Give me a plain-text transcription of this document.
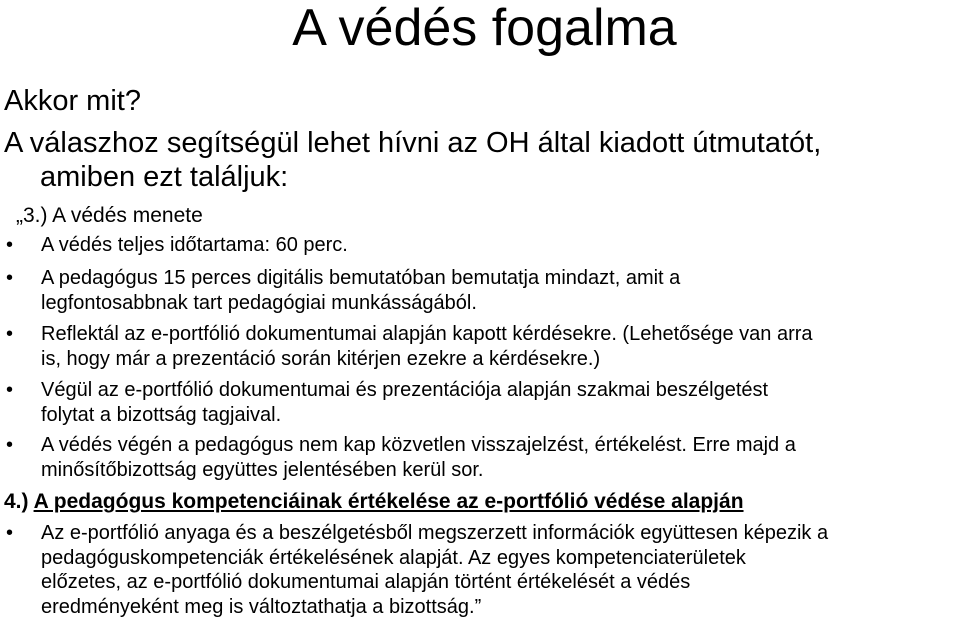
A védés fogalma
Akkor mit?
A válaszhoz segítségül lehet hívni az OH által kiadott útmutatót,
amiben ezt találjuk:
„3.) A védés menete
• A védés teljes időtartama: 60 perc.
• A pedagógus 15 perces digitális bemutatóban bemutatja mindazt, amit a
legfontosabbnak tart pedagógiai munkásságából.
• Reflektál az e-portfólió dokumentumai alapján kapott kérdésekre. (Lehetősége van arra
is, hogy már a prezentáció során kitérjen ezekre a kérdésekre.)
• Végül az e-portfólió dokumentumai és prezentációja alapján szakmai beszélgetést
folytat a bizottság tagjaival.
• A védés végén a pedagógus nem kap közvetlen visszajelzést, értékelést. Erre majd a
minősítőbizottság együttes jelentésében kerül sor.
4.) A pedagógus kompetenciáinak értékelése az e-portfólió védése alapján
• Az e-portfólió anyaga és a beszélgetésből megszerzett információk együttesen képezik a
pedagóguskompetenciák értékelésének alapját. Az egyes kompetenciaterületek
előzetes, az e-portfólió dokumentumai alapján történt értékelését a védés
eredményeként meg is változtathatja a bizottság.”
